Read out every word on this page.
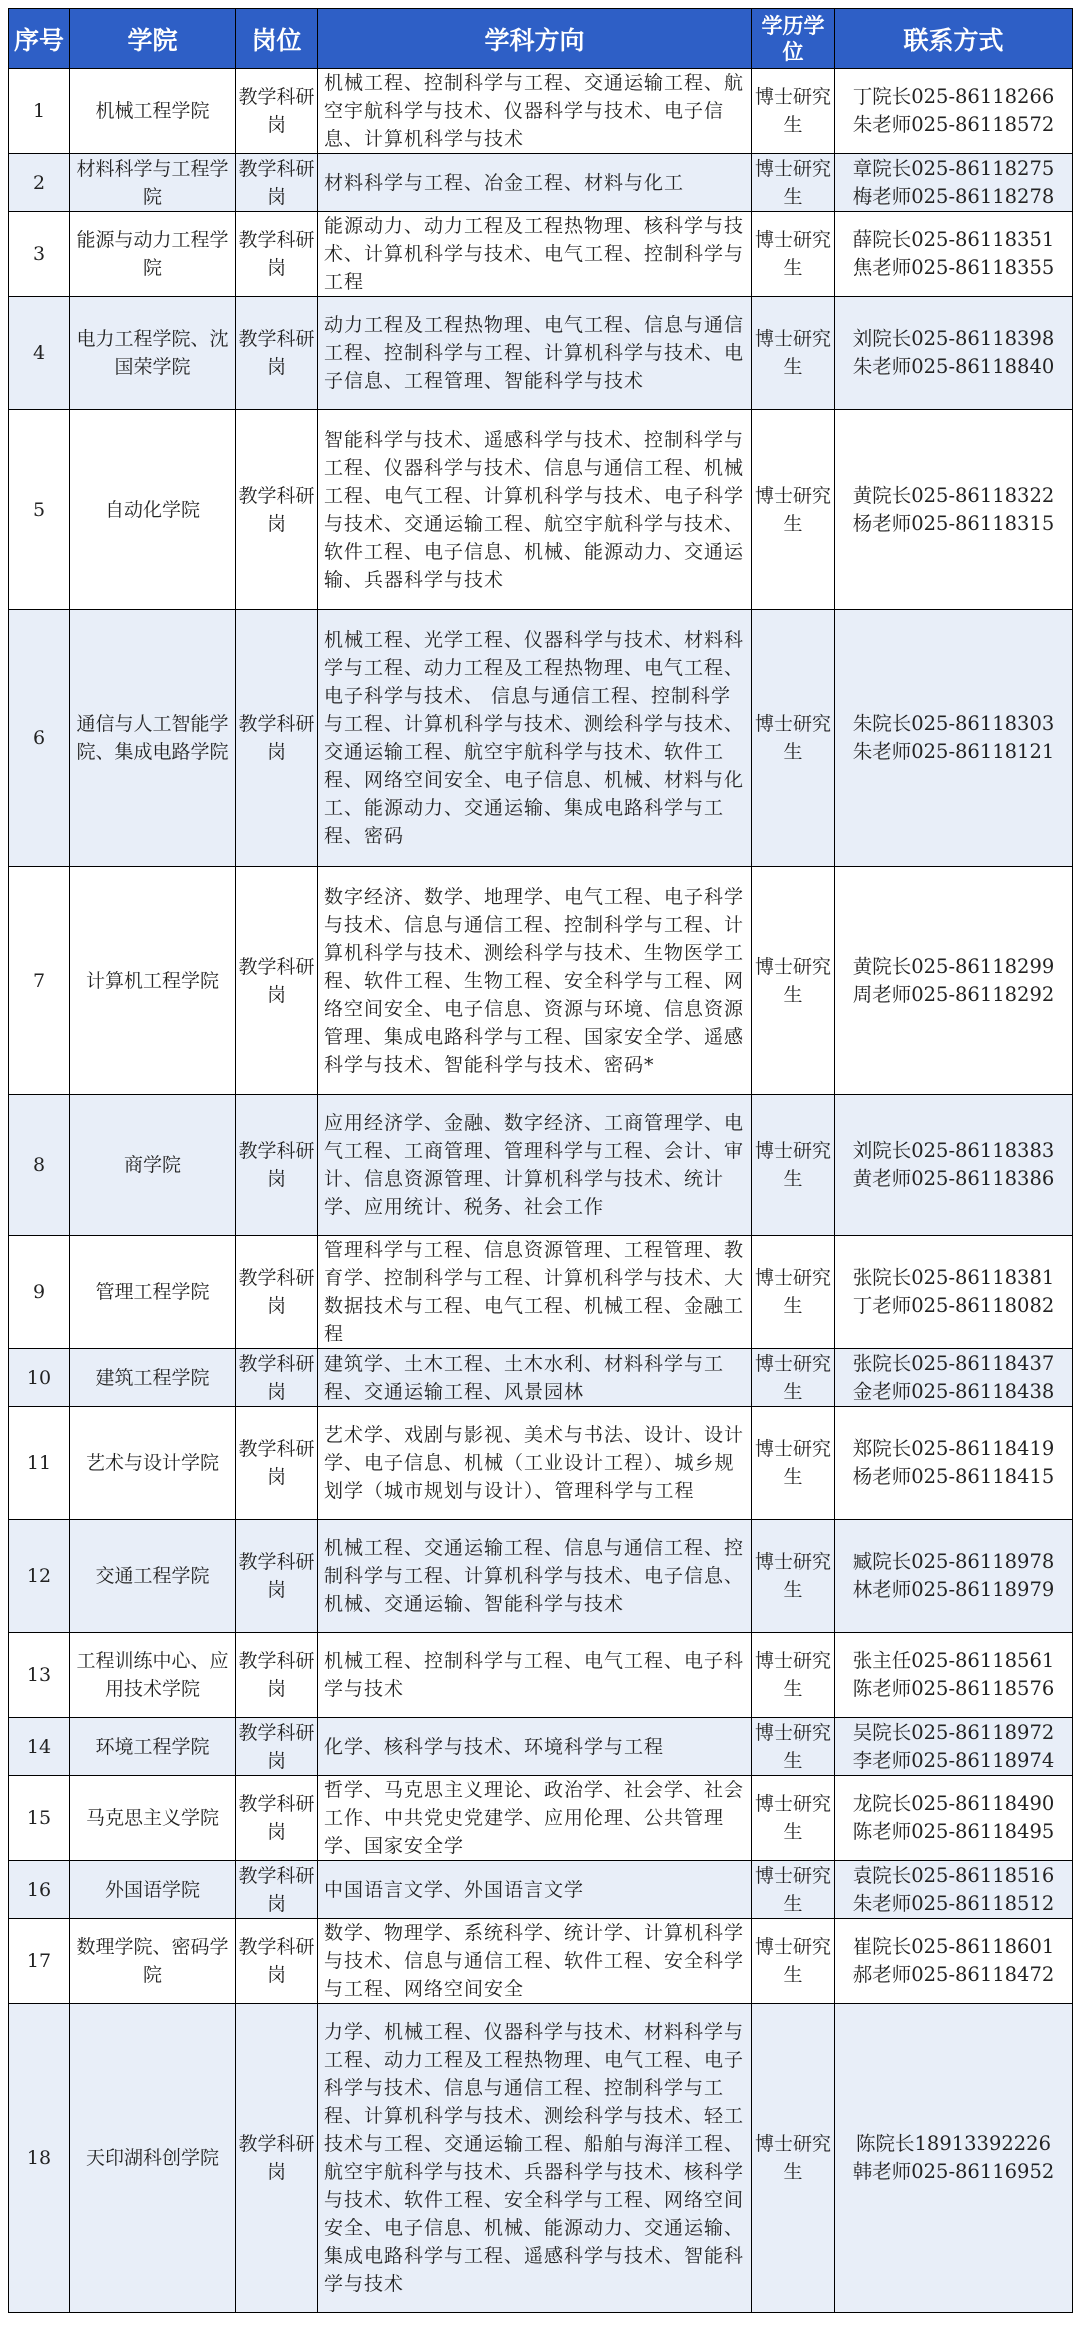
序号	学院	岗位	学科方向	学历学位	联系方式
1	机械工程学院	教学科研岗	机械工程、控制科学与工程、交通运输工程、航空宇航科学与技术、仪器科学与技术、电子信息、计算机科学与技术	博士研究生	丁院长025-86118266
朱老师025-86118572

2	材料科学与工程学院	教学科研岗	材料科学与工程、冶金工程、材料与化工	博士研究生	章院长025-86118275
梅老师025-86118278

3	能源与动力工程学院	教学科研岗	能源动力、动力工程及工程热物理、核科学与技术、计算机科学与技术、电气工程、控制科学与工程	博士研究生	薛院长025-86118351
焦老师025-86118355

4	电力工程学院、沈国荣学院	教学科研岗	动力工程及工程热物理、电气工程、信息与通信工程、控制科学与工程、计算机科学与技术、电子信息、工程管理、智能科学与技术	博士研究生	刘院长025-86118398
朱老师025-86118840

5	自动化学院	教学科研岗	智能科学与技术、遥感科学与技术、控制科学与工程、仪器科学与技术、信息与通信工程、机械工程、电气工程、计算机科学与技术、电子科学与技术、交通运输工程、航空宇航科学与技术、软件工程、电子信息、机械、能源动力、交通运输、兵器科学与技术	博士研究生	黄院长025-86118322
杨老师025-86118315

6	通信与人工智能学院、集成电路学院	教学科研岗	机械工程、光学工程、仪器科学与技术、材料科学与工程、动力工程及工程热物理、电气工程、电子科学与技术、 信息与通信工程、控制科学与工程、计算机科学与技术、测绘科学与技术、交通运输工程、航空宇航科学与技术、软件工程、网络空间安全、电子信息、机械、材料与化工、能源动力、交通运输、集成电路科学与工程、密码	博士研究生	朱院长025-86118303
朱老师025-86118121

7	计算机工程学院	教学科研岗	数字经济、数学、地理学、电气工程、电子科学与技术、信息与通信工程、控制科学与工程、计算机科学与技术、测绘科学与技术、生物医学工程、软件工程、生物工程、安全科学与工程、网络空间安全、电子信息、资源与环境、信息资源管理、集成电路科学与工程、国家安全学、遥感科学与技术、智能科学与技术、密码*	博士研究生	黄院长025-86118299
周老师025-86118292

8	商学院	教学科研岗	应用经济学、金融、数字经济、工商管理学、电气工程、工商管理、管理科学与工程、会计、审计、信息资源管理、计算机科学与技术、统计学、应用统计、税务、社会工作	博士研究生	刘院长025-86118383
黄老师025-86118386

9	管理工程学院	教学科研岗	管理科学与工程、信息资源管理、工程管理、教育学、控制科学与工程、计算机科学与技术、大数据技术与工程、电气工程、机械工程、金融工程	博士研究生	张院长025-86118381
丁老师025-86118082

10	建筑工程学院	教学科研岗	建筑学、土木工程、土木水利、材料科学与工程、交通运输工程、风景园林	博士研究生	张院长025-86118437
金老师025-86118438

11	艺术与设计学院	教学科研岗	艺术学、戏剧与影视、美术与书法、设计、设计学、电子信息、机械（工业设计工程）、城乡规划学（城市规划与设计）、管理科学与工程	博士研究生	郑院长025-86118419
杨老师025-86118415

12	交通工程学院	教学科研岗	机械工程、交通运输工程、信息与通信工程、控制科学与工程、计算机科学与技术、电子信息、机械、交通运输、智能科学与技术	博士研究生	臧院长025-86118978
林老师025-86118979

13	工程训练中心、应用技术学院	教学科研岗	机械工程、控制科学与工程、电气工程、电子科学与技术	博士研究生	张主任025-86118561
陈老师025-86118576

14	环境工程学院	教学科研岗	化学、核科学与技术、环境科学与工程	博士研究生	吴院长025-86118972
李老师025-86118974

15	马克思主义学院	教学科研岗	哲学、马克思主义理论、政治学、社会学、社会工作、中共党史党建学、应用伦理、公共管理学、国家安全学	博士研究生	龙院长025-86118490
陈老师025-86118495

16	外国语学院	教学科研岗	中国语言文学、外国语言文学	博士研究生	袁院长025-86118516
朱老师025-86118512

17	数理学院、密码学院	教学科研岗	数学、物理学、系统科学、统计学、计算机科学与技术、信息与通信工程、软件工程、安全科学与工程、网络空间安全	博士研究生	崔院长025-86118601
郝老师025-86118472

18	天印湖科创学院	教学科研岗	力学、机械工程、仪器科学与技术、材料科学与工程、动力工程及工程热物理、电气工程、电子科学与技术、信息与通信工程、控制科学与工程、计算机科学与技术、测绘科学与技术、轻工技术与工程、交通运输工程、船舶与海洋工程、航空宇航科学与技术、兵器科学与技术、核科学与技术、软件工程、安全科学与工程、网络空间安全、电子信息、机械、能源动力、交通运输、集成电路科学与工程、遥感科学与技术、智能科学与技术	博士研究生	陈院长18913392226
韩老师025-86116952
